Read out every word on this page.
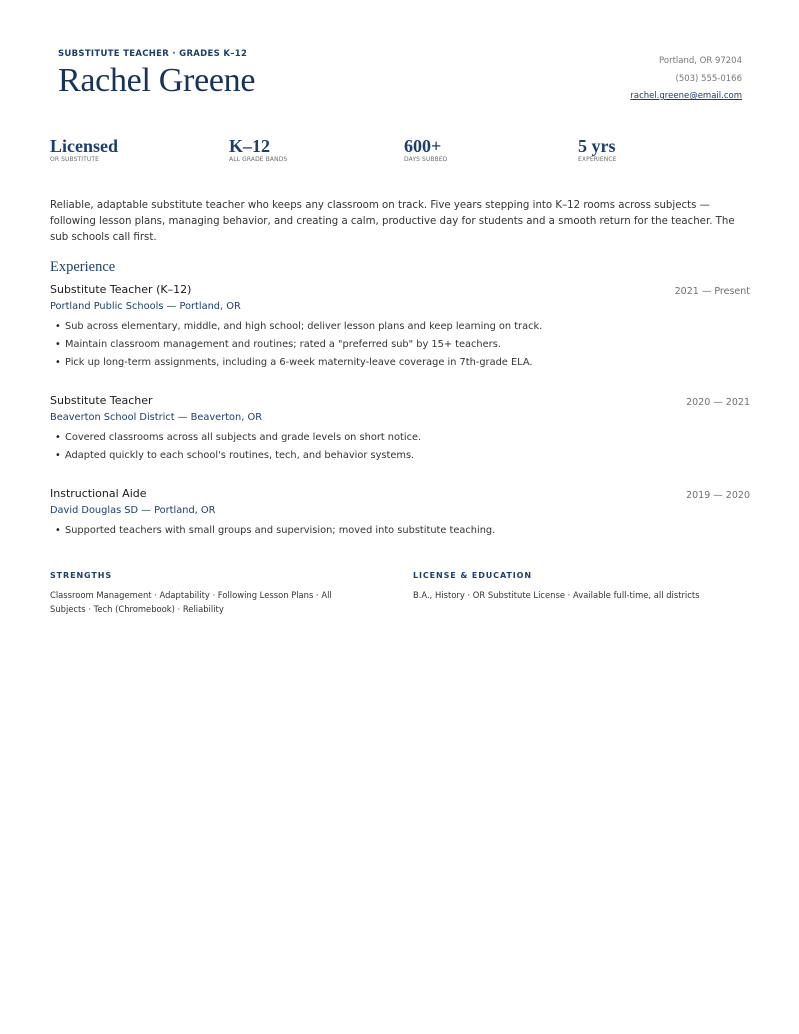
SUBSTITUTE TEACHER · GRADES K–12
Rachel Greene
Portland, OR 97204
(503) 555-0166
rachel.greene@email.com
Licensed
OR SUBSTITUTE
K–12
ALL GRADE BANDS
600+
DAYS SUBBED
5 yrs
EXPERIENCE
Reliable, adaptable substitute teacher who keeps any classroom on track. Five years stepping into K–12 rooms across subjects — following lesson plans, managing behavior, and creating a calm, productive day for students and a smooth return for the teacher. The sub schools call first.
Experience
Substitute Teacher (K–12)	2021 — Present
Portland Public Schools — Portland, OR
• Sub across elementary, middle, and high school; deliver lesson plans and keep learning on track.
• Maintain classroom management and routines; rated a "preferred sub" by 15+ teachers.
• Pick up long-term assignments, including a 6-week maternity-leave coverage in 7th-grade ELA.
Substitute Teacher	2020 — 2021
Beaverton School District — Beaverton, OR
• Covered classrooms across all subjects and grade levels on short notice.
• Adapted quickly to each school's routines, tech, and behavior systems.
Instructional Aide	2019 — 2020
David Douglas SD — Portland, OR
• Supported teachers with small groups and supervision; moved into substitute teaching.
STRENGTHS

Classroom Management · Adaptability · Following Lesson Plans · All Subjects · Tech (Chromebook) · Reliability

LICENSE & EDUCATION

B.A., History · OR Substitute License · Available full-time, all districts
